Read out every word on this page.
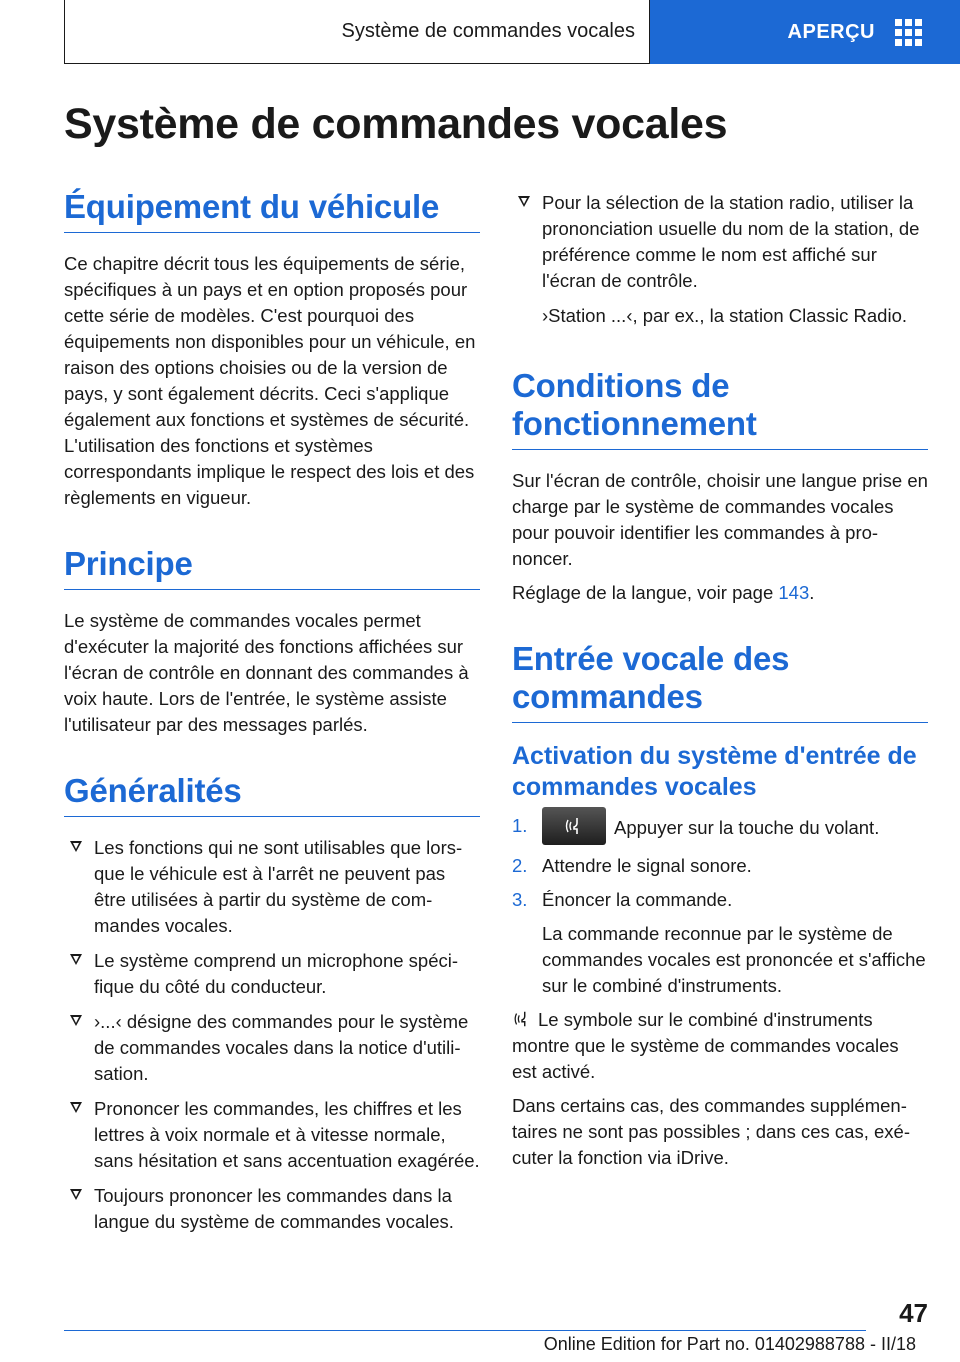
Système de commandes vocales	APERÇU
Système de commandes vocales
Équipement du véhicule

Ce chapitre décrit tous les équipements de série, spécifiques à un pays et en option proposés pour cette série de modèles. C'est pourquoi des équipements non disponibles pour un véhicule, en raison des options choisies ou de la version de pays, y sont également décrits. Ceci s'applique également aux fonctions et systèmes de sécurité. L'utilisation des fonctions et systèmes correspondants implique le respect des lois et des règlements en vigueur.

Principe

Le système de commandes vocales permet d'exécuter la majorité des fonctions affichées sur l'écran de contrôle en donnant des commandes à voix haute. Lors de l'entrée, le système assiste l'utilisateur par des messages parlés.

Généralités
Les fonctions qui ne sont utilisables que lorsque le véhicule est à l'arrêt ne peuvent pas être utilisées à partir du système de commandes vocales.
Le système comprend un microphone spécifique du côté du conducteur.
›...‹ désigne des commandes pour le système de commandes vocales dans la notice d'utilisation.
Prononcer les commandes, les chiffres et les lettres à voix normale et à vitesse normale, sans hésitation et sans accentuation exagérée.
Toujours prononcer les commandes dans la langue du système de commandes vocales.
Pour la sélection de la station radio, utiliser la prononciation usuelle du nom de la station, de préférence comme le nom est affiché sur l'écran de contrôle.

›Station ...‹, par ex., la station Classic Radio.

Conditions de fonctionnement

Sur l'écran de contrôle, choisir une langue prise en charge par le système de commandes vocales pour pouvoir identifier les commandes à prononcer.

Réglage de la langue, voir page 143.

Entrée vocale des commandes
Activation du système d'entrée de commandes vocales
1.	Appuyer sur la touche du volant.
2. Attendre le signal sonore.
3. Énoncer la commande.

La commande reconnue par le système de commandes vocales est prononcée et s'affiche sur le combiné d'instruments.

Le symbole sur le combiné d'instruments montre que le système de commandes vocales est activé.

Dans certains cas, des commandes supplémentaires ne sont pas possibles ; dans ces cas, exécuter la fonction via iDrive.

47
Online Edition for Part no. 01402988788 - II/18
